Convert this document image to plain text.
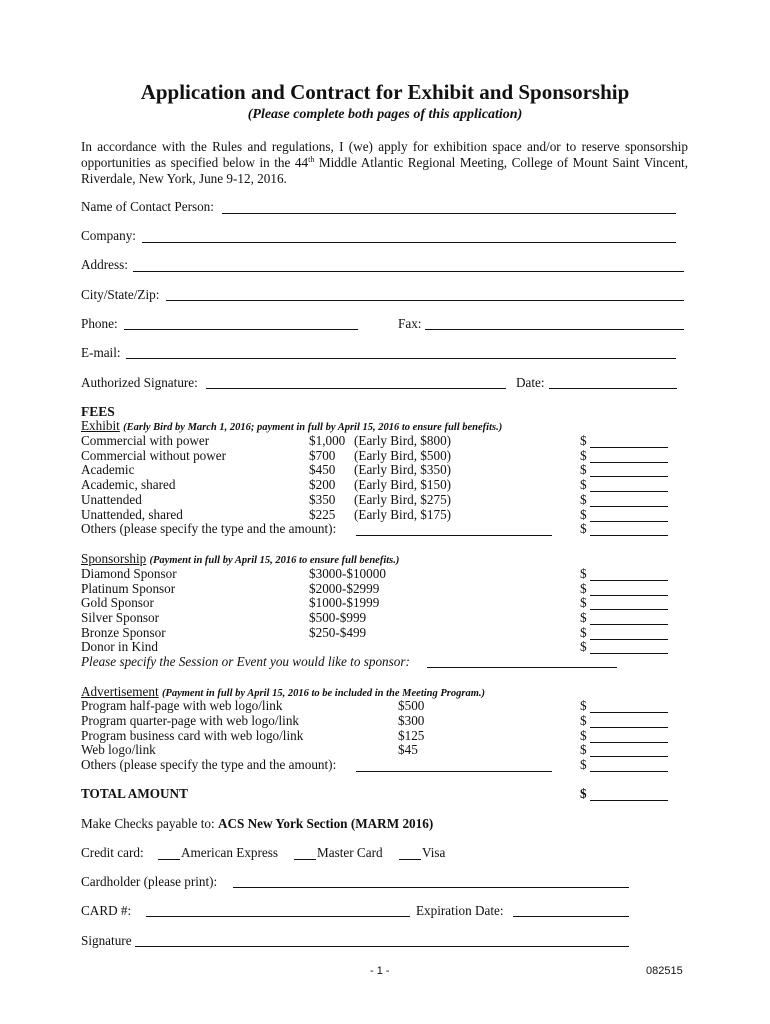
Application and Contract for Exhibit and Sponsorship
(Please complete both pages of this application)
In accordance with the Rules and regulations, I (we) apply for exhibition space and/or to reserve sponsorship opportunities as specified below in the 44th Middle Atlantic Regional Meeting, College of Mount Saint Vincent, Riverdale, New York, June 9-12, 2016.
Name of Contact Person:
Company:
Address:
City/State/Zip:
Phone:	Fax:
E-mail:
Authorized Signature:	Date:
FEES
Exhibit (Early Bird by March 1, 2016; payment in full by April 15, 2016 to ensure full benefits.)
Commercial with power	$1,000 (Early Bird, $800)	$
Commercial without power	$700 (Early Bird, $500)	$
Academic	$450 (Early Bird, $350)	$
Academic, shared	$200 (Early Bird, $150)	$
Unattended	$350 (Early Bird, $275)	$
Unattended, shared	$225 (Early Bird, $175)	$
Others (please specify the type and the amount):	$
Sponsorship (Payment in full by April 15, 2016 to ensure full benefits.)
Diamond Sponsor	$3000-$10000	$
Platinum Sponsor	$2000-$2999	$
Gold Sponsor	$1000-$1999	$
Silver Sponsor	$500-$999	$
Bronze Sponsor	$250-$499	$
Donor in Kind	$
Please specify the Session or Event you would like to sponsor:
Advertisement (Payment in full by April 15, 2016 to be included in the Meeting Program.)
Program half-page with web logo/link	$500	$
Program quarter-page with web logo/link	$300	$
Program business card with web logo/link	$125	$
Web logo/link	$45	$
Others (please specify the type and the amount):	$
TOTAL AMOUNT	$
Make Checks payable to: ACS New York Section (MARM 2016)
Credit card:	American Express	Master Card	Visa
Cardholder (please print):
CARD #:	Expiration Date:
Signature
- 1 -	082515
